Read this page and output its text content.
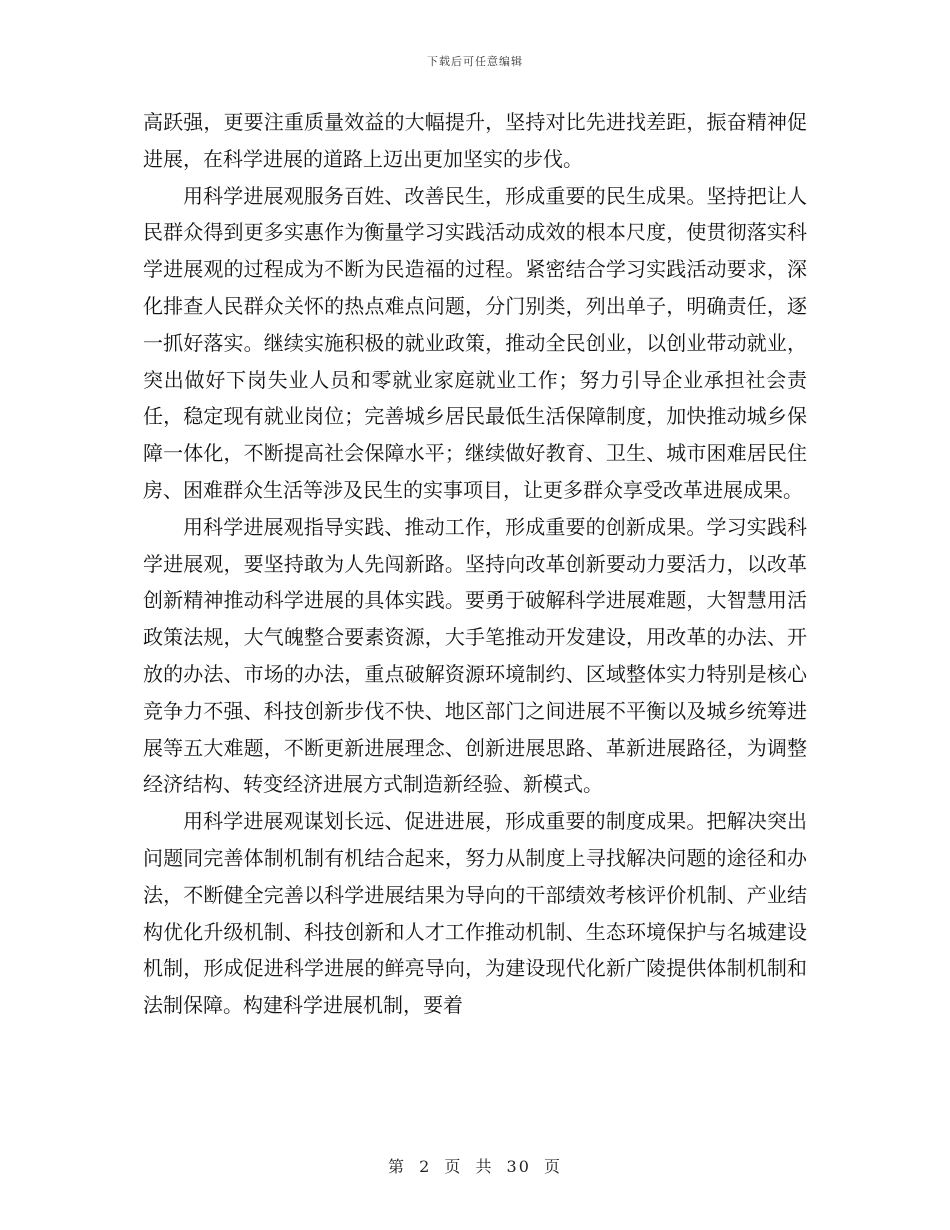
下载后可任意编辑

高跃强，更要注重质量效益的大幅提升，坚持对比先进找差距，振奋精神促进展，在科学进展的道路上迈出更加坚实的步伐。

用科学进展观服务百姓、改善民生，形成重要的民生成果。坚持把让人民群众得到更多实惠作为衡量学习实践活动成效的根本尺度，使贯彻落实科学进展观的过程成为不断为民造福的过程。紧密结合学习实践活动要求，深化排查人民群众关怀的热点难点问题，分门别类，列出单子，明确责任，逐一抓好落实。继续实施积极的就业政策，推动全民创业，以创业带动就业，突出做好下岗失业人员和零就业家庭就业工作；努力引导企业承担社会责任，稳定现有就业岗位；完善城乡居民最低生活保障制度，加快推动城乡保障一体化，不断提高社会保障水平；继续做好教育、卫生、城市困难居民住房、困难群众生活等涉及民生的实事项目，让更多群众享受改革进展成果。

用科学进展观指导实践、推动工作，形成重要的创新成果。学习实践科学进展观，要坚持敢为人先闯新路。坚持向改革创新要动力要活力，以改革创新精神推动科学进展的具体实践。要勇于破解科学进展难题，大智慧用活政策法规，大气魄整合要素资源，大手笔推动开发建设，用改革的办法、开放的办法、市场的办法，重点破解资源环境制约、区域整体实力特别是核心竞争力不强、科技创新步伐不快、地区部门之间进展不平衡以及城乡统筹进展等五大难题，不断更新进展理念、创新进展思路、革新进展路径，为调整经济结构、转变经济进展方式制造新经验、新模式。

用科学进展观谋划长远、促进进展，形成重要的制度成果。把解决突出问题同完善体制机制有机结合起来，努力从制度上寻找解决问题的途径和办法，不断健全完善以科学进展结果为导向的干部绩效考核评价机制、产业结构优化升级机制、科技创新和人才工作推动机制、生态环境保护与名城建设机制，形成促进科学进展的鲜亮导向，为建设现代化新广陵提供体制机制和法制保障。构建科学进展机制，要着

第 2 页 共 30 页
